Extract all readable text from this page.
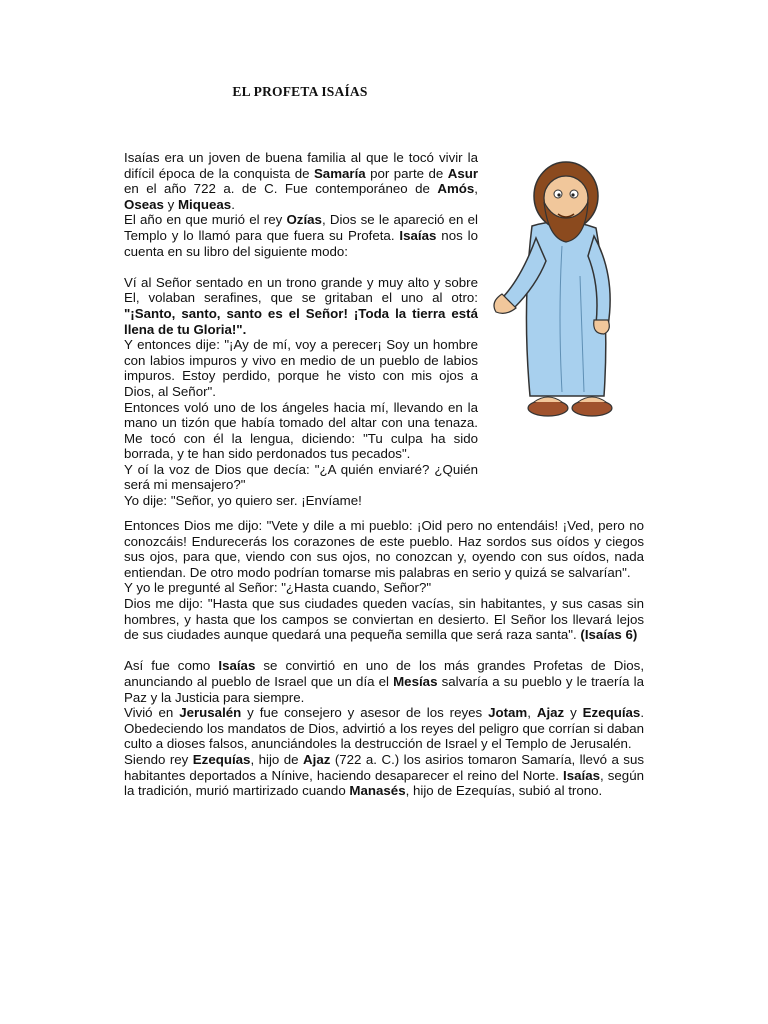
EL PROFETA ISAÍAS

Isaías era un joven de buena familia al que le tocó vivir la difícil época de la conquista de Samaría por parte de Asur en el año 722 a. de C. Fue contemporáneo de Amós, Oseas y Miqueas.

El año en que murió el rey Ozías, Dios se le apareció en el Templo y lo llamó para que fuera su Profeta. Isaías nos lo cuenta en su libro del siguiente modo:

Ví al Señor sentado en un trono grande y muy alto y sobre El, volaban serafines, que se gritaban el uno al otro: "¡Santo, santo, santo es el Señor! ¡Toda la tierra está llena de tu Gloria!".

Y entonces dije: "¡Ay de mí, voy a perecer¡ Soy un hombre con labios impuros y vivo en medio de un pueblo de labios impuros. Estoy perdido, porque he visto con mis ojos a Dios, al Señor".

Entonces voló uno de los ángeles hacia mí, llevando en la mano un tizón que había tomado del altar con una tenaza. Me tocó con él la lengua, diciendo: "Tu culpa ha sido borrada, y te han sido perdonados tus pecados".

Y oí la voz de Dios que decía: "¿A quién enviaré? ¿Quién será mi mensajero?"

Yo dije: "Señor, yo quiero ser. ¡Envíame!

Entonces Dios me dijo: "Vete y dile a mi pueblo: ¡Oid pero no entendáis! ¡Ved, pero no conozcáis! Endurecerás los corazones de este pueblo. Haz sordos sus oídos y ciegos sus ojos, para que, viendo con sus ojos, no conozcan y, oyendo con sus oídos, nada entiendan. De otro modo podrían tomarse mis palabras en serio y quizá se salvarían".

Y yo le pregunté al Señor: "¿Hasta cuando, Señor?"

Dios me dijo: "Hasta que sus ciudades queden vacías, sin habitantes, y sus casas sin hombres, y hasta que los campos se conviertan en desierto. El Señor los llevará lejos de sus ciudades aunque quedará una pequeña semilla que será raza santa". (Isaías 6)

Así fue como Isaías se convirtió en uno de los más grandes Profetas de Dios, anunciando al pueblo de Israel que un día el Mesías salvaría a su pueblo y le traería la Paz y la Justicia para siempre.

Vivió en Jerusalén y fue consejero y asesor de los reyes Jotam, Ajaz y Ezequías. Obedeciendo los mandatos de Dios, advirtió a los reyes del peligro que corrían si daban culto a dioses falsos, anunciándoles la destrucción de Israel y el Templo de Jerusalén.

Siendo rey Ezequías, hijo de Ajaz (722 a. C.) los asirios tomaron Samaría, llevó a sus habitantes deportados a Nínive, haciendo desaparecer el reino del Norte. Isaías, según la tradición, murió martirizado cuando Manasés, hijo de Ezequías, subió al trono.
